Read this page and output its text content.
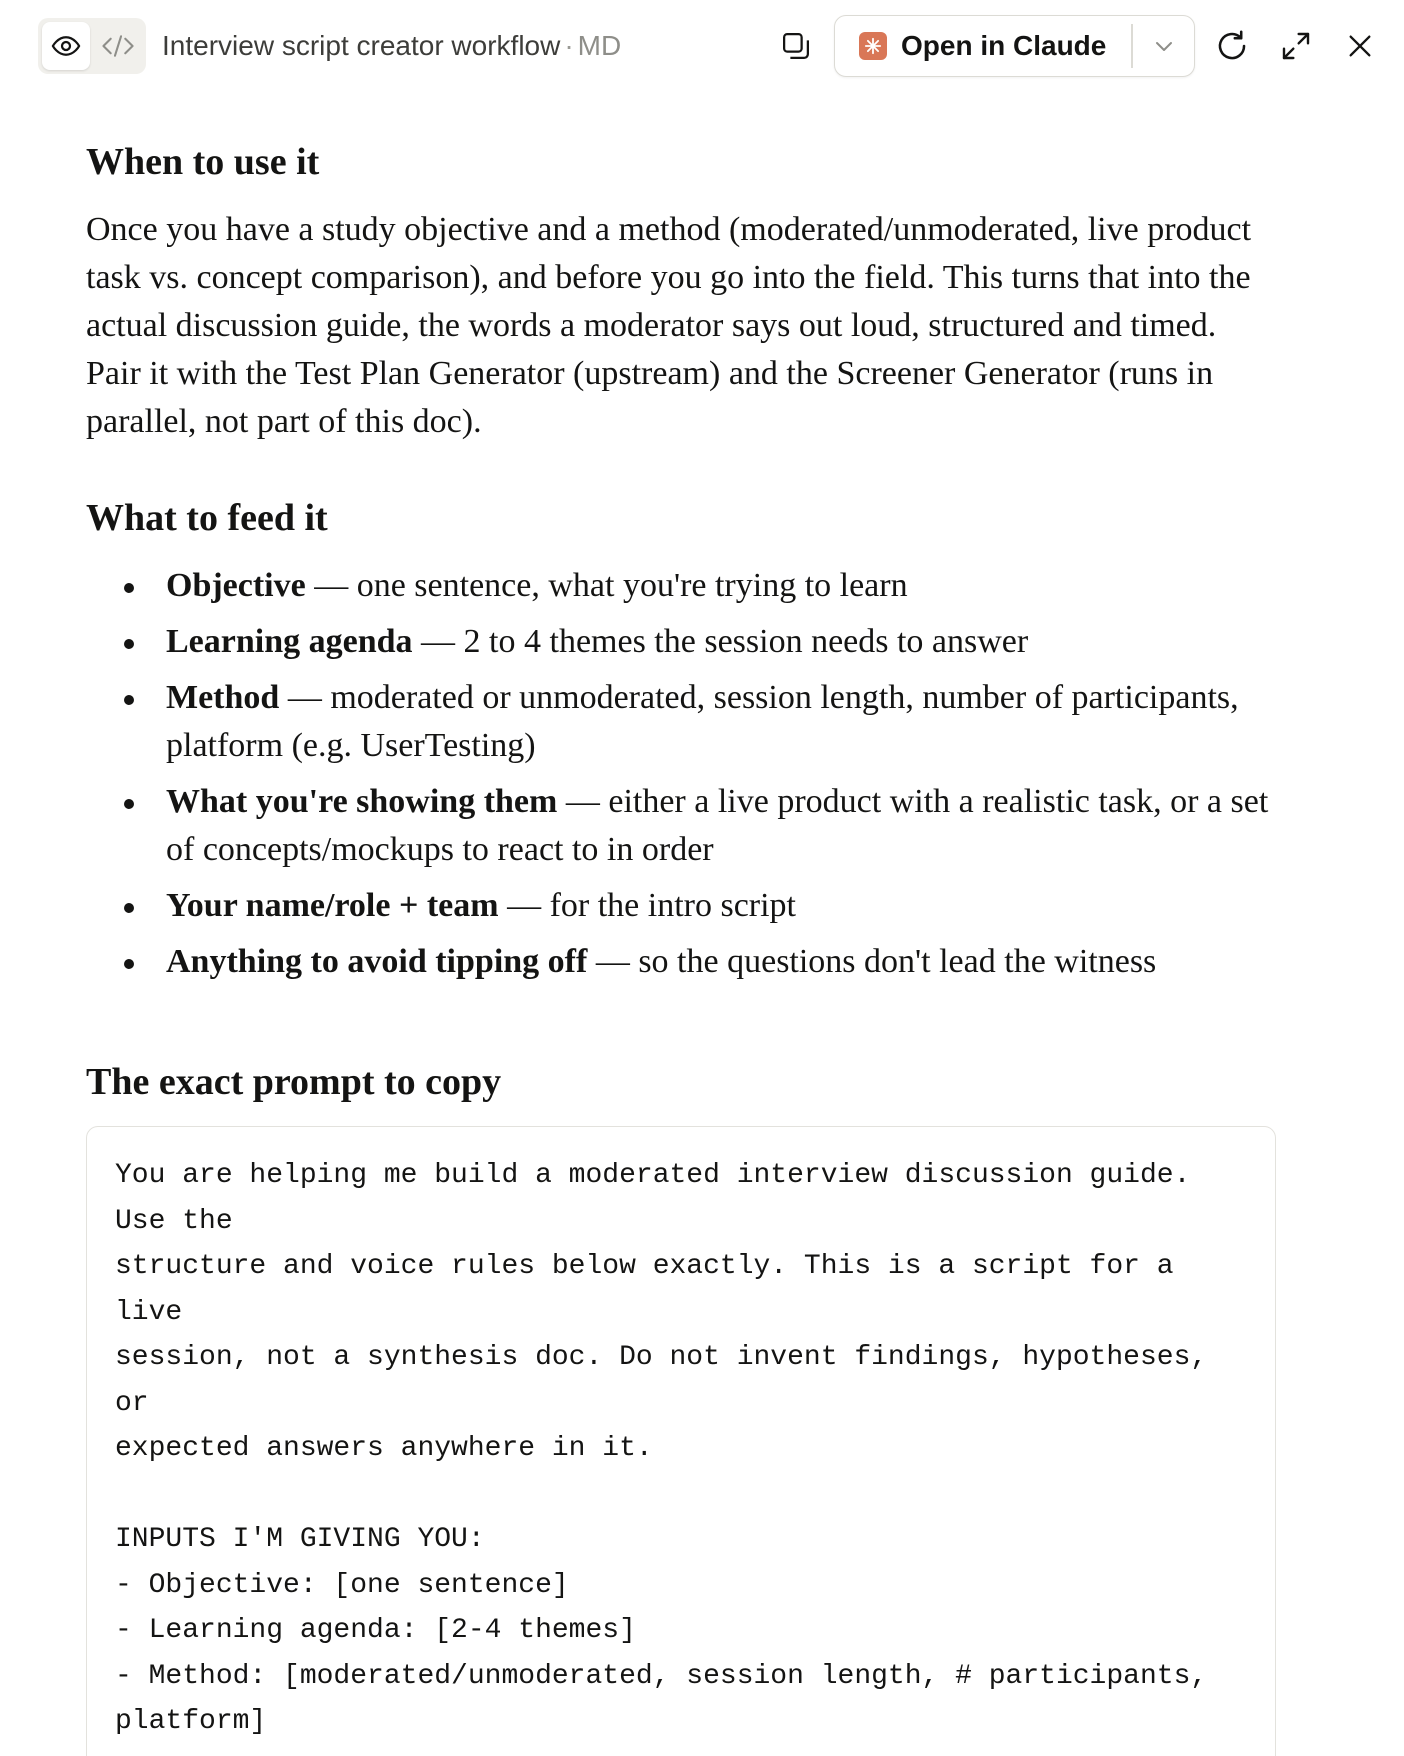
Interview script creator workflow · MD	Open in Claude
When to use it

Once you have a study objective and a method (moderated/unmoderated, live product task vs. concept comparison), and before you go into the field. This turns that into the actual discussion guide, the words a moderator says out loud, structured and timed. Pair it with the Test Plan Generator (upstream) and the Screener Generator (runs in parallel, not part of this doc).

What to feed it
Objective — one sentence, what you're trying to learn
Learning agenda — 2 to 4 themes the session needs to answer
Method — moderated or unmoderated, session length, number of participants, platform (e.g. UserTesting)
What you're showing them — either a live product with a realistic task, or a set of concepts/mockups to react to in order
Your name/role + team — for the intro script
Anything to avoid tipping off — so the questions don't lead the witness
The exact prompt to copy
You are helping me build a moderated interview discussion guide.
Use the
structure and voice rules below exactly. This is a script for a
live
session, not a synthesis doc. Do not invent findings, hypotheses,
or
expected answers anywhere in it.
INPUTS I'M GIVING YOU:
- Objective: [one sentence]
- Learning agenda: [2-4 themes]
- Method: [moderated/unmoderated, session length, # participants,
platform]
